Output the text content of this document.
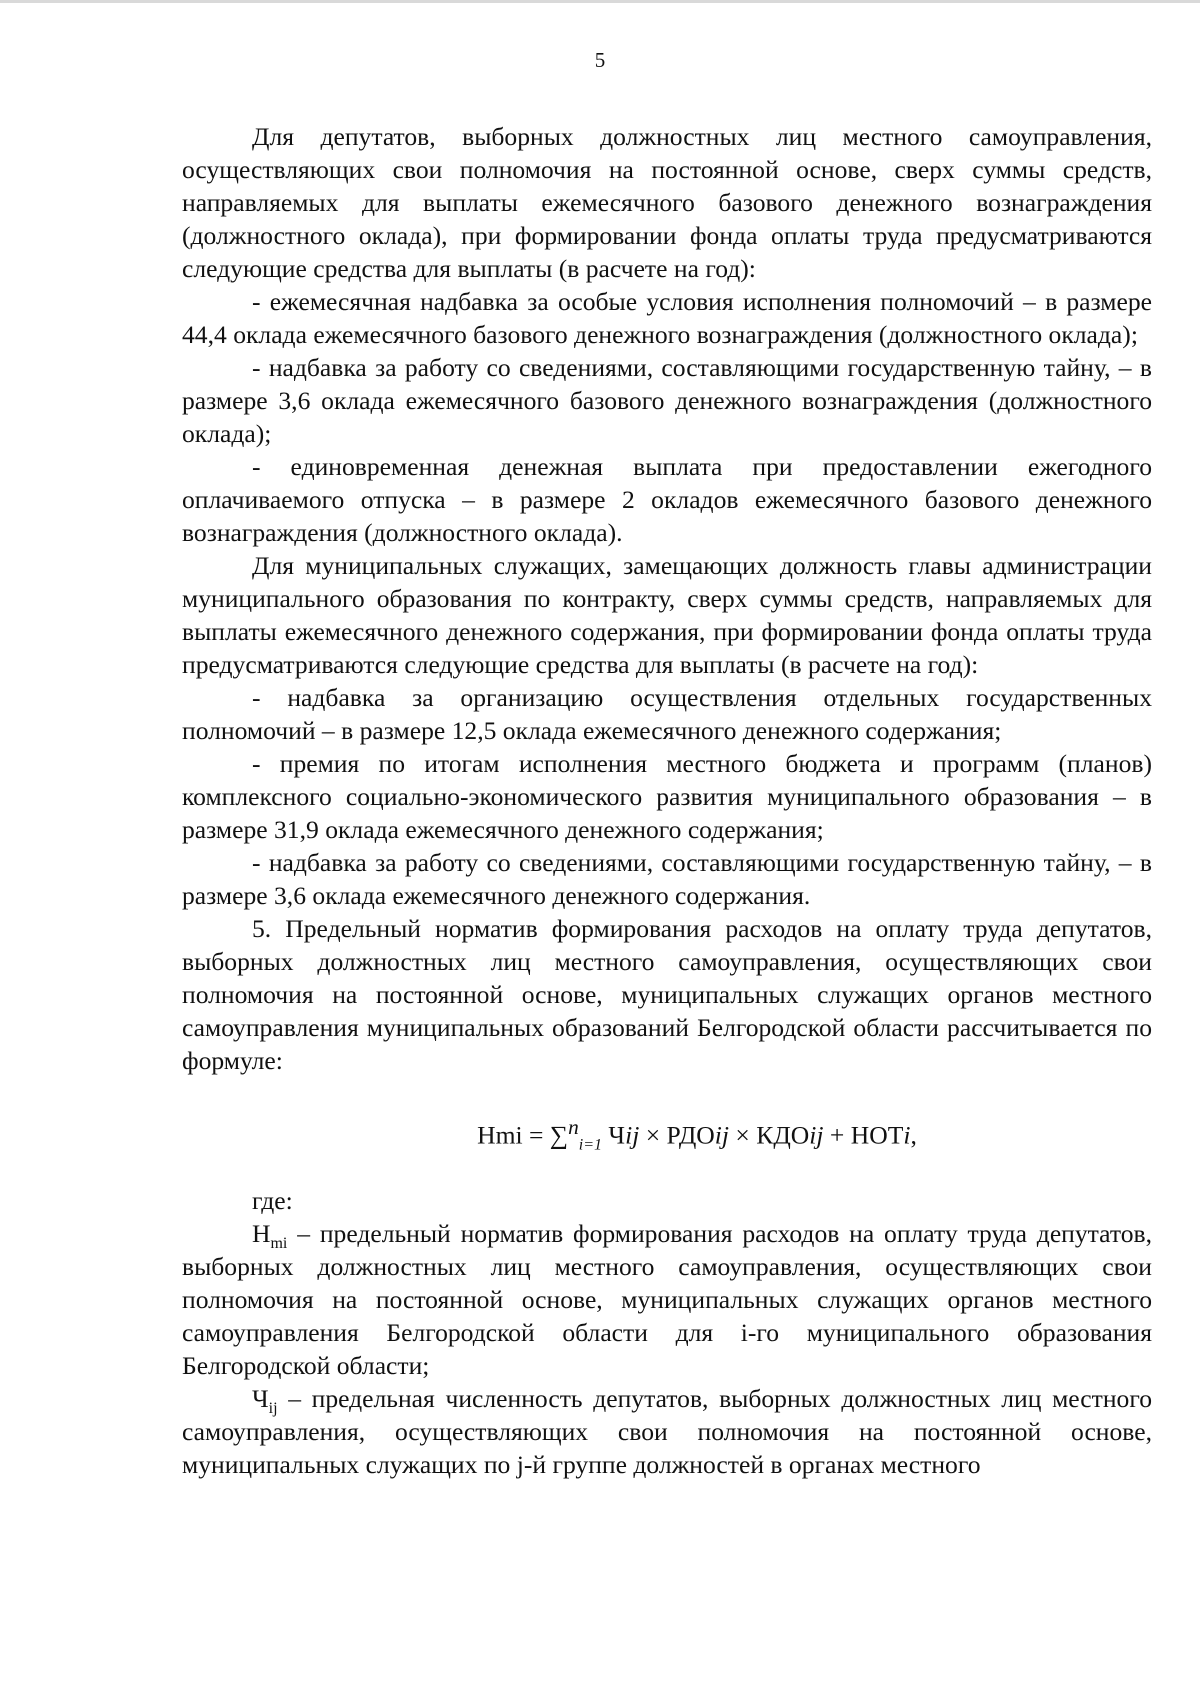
5

Для депутатов, выборных должностных лиц местного самоуправления, осуществляющих свои полномочия на постоянной основе, сверх суммы средств, направляемых для выплаты ежемесячного базового денежного вознаграждения (должностного оклада), при формировании фонда оплаты труда предусматриваются следующие средства для выплаты (в расчете на год):

- ежемесячная надбавка за особые условия исполнения полномочий – в размере 44,4 оклада ежемесячного базового денежного вознаграждения (должностного оклада);

- надбавка за работу со сведениями, составляющими государственную тайну, – в размере 3,6 оклада ежемесячного базового денежного вознаграждения (должностного оклада);

- единовременная денежная выплата при предоставлении ежегодного оплачиваемого отпуска – в размере 2 окладов ежемесячного базового денежного вознаграждения (должностного оклада).

Для муниципальных служащих, замещающих должность главы администрации муниципального образования по контракту, сверх суммы средств, направляемых для выплаты ежемесячного денежного содержания, при формировании фонда оплаты труда предусматриваются следующие средства для выплаты (в расчете на год):

- надбавка за организацию осуществления отдельных государственных полномочий – в размере 12,5 оклада ежемесячного денежного содержания;

- премия по итогам исполнения местного бюджета и программ (планов) комплексного социально-экономического развития муниципального образования – в размере 31,9 оклада ежемесячного денежного содержания;

- надбавка за работу со сведениями, составляющими государственную тайну, – в размере 3,6 оклада ежемесячного денежного содержания.

5. Предельный норматив формирования расходов на оплату труда депутатов, выборных должностных лиц местного самоуправления, осуществляющих свои полномочия на постоянной основе, муниципальных служащих органов местного самоуправления муниципальных образований Белгородской области рассчитывается по формуле:

Hmi = ∑$^n_{i=1}$ Чij × РДОij × КДОij + НОТi,

где:

$H_{mi}$ – предельный норматив формирования расходов на оплату труда депутатов, выборных должностных лиц местного самоуправления, осуществляющих свои полномочия на постоянной основе, муниципальных служащих органов местного самоуправления Белгородской области для i-го муниципального образования Белгородской области;

$Ч_{ij}$ – предельная численность депутатов, выборных должностных лиц местного самоуправления, осуществляющих свои полномочия на постоянной основе, муниципальных служащих по j-й группе должностей в органах местного
